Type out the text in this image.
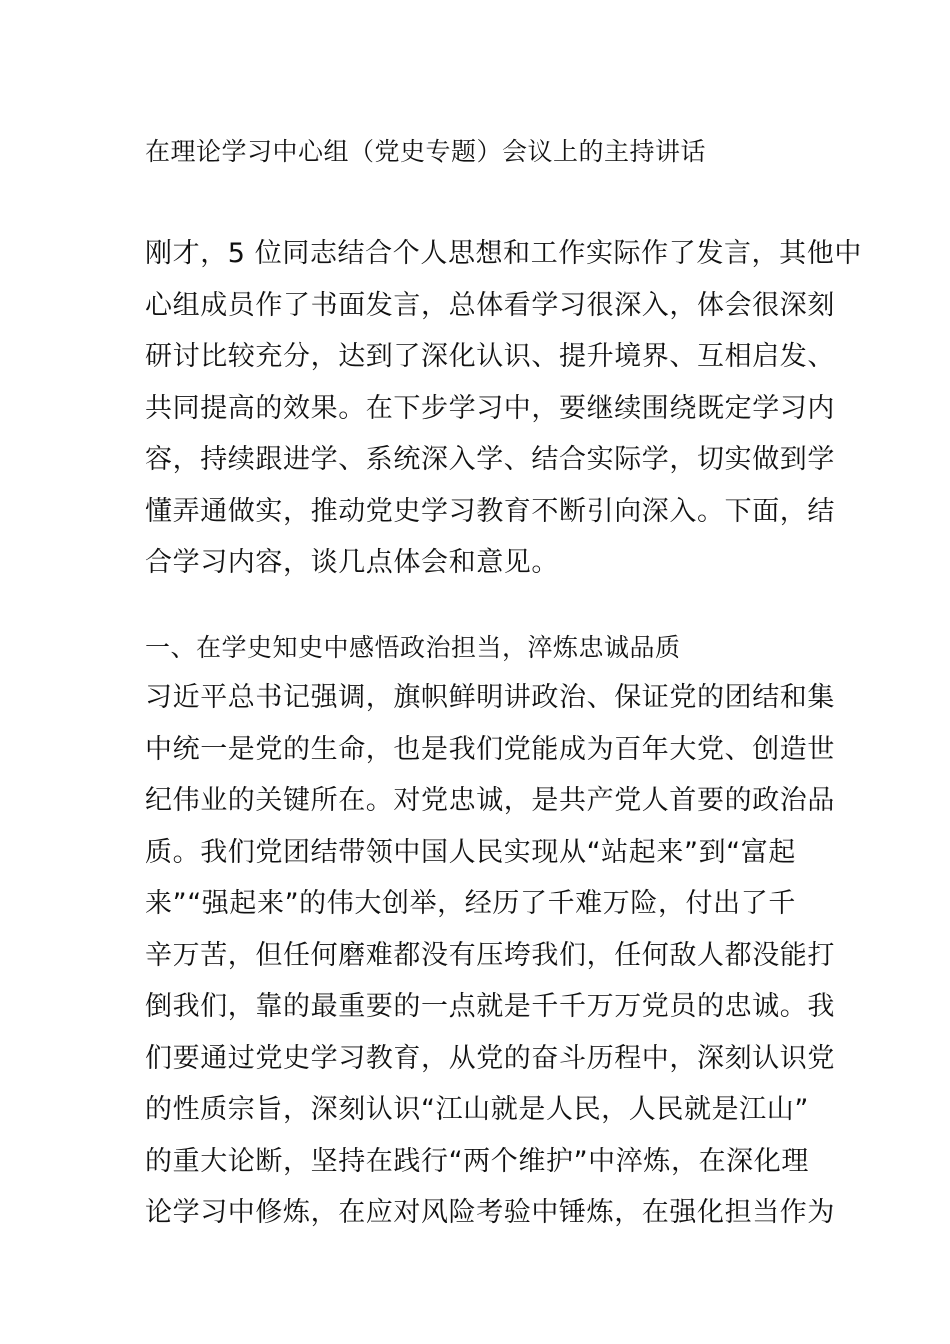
在理论学习中心组（党史专题）会议上的主持讲话
刚才，5 位同志结合个人思想和工作实际作了发言，其他中
心组成员作了书面发言，总体看学习很深入，体会很深刻
研讨比较充分，达到了深化认识、提升境界、互相启发、
共同提高的效果。在下步学习中，要继续围绕既定学习内
容，持续跟进学、系统深入学、结合实际学，切实做到学
懂弄通做实，推动党史学习教育不断引向深入。下面，结
合学习内容，谈几点体会和意见。
一、在学史知史中感悟政治担当，淬炼忠诚品质
习近平总书记强调，旗帜鲜明讲政治、保证党的团结和集
中统一是党的生命，也是我们党能成为百年大党、创造世
纪伟业的关键所在。对党忠诚，是共产党人首要的政治品
质。我们党团结带领中国人民实现从“站起来”到“富起
来”“强起来”的伟大创举，经历了千难万险，付出了千
辛万苦，但任何磨难都没有压垮我们，任何敌人都没能打
倒我们，靠的最重要的一点就是千千万万党员的忠诚。我
们要通过党史学习教育，从党的奋斗历程中，深刻认识党
的性质宗旨，深刻认识“江山就是人民，人民就是江山”
的重大论断，坚持在践行“两个维护”中淬炼，在深化理
论学习中修炼，在应对风险考验中锤炼，在强化担当作为
